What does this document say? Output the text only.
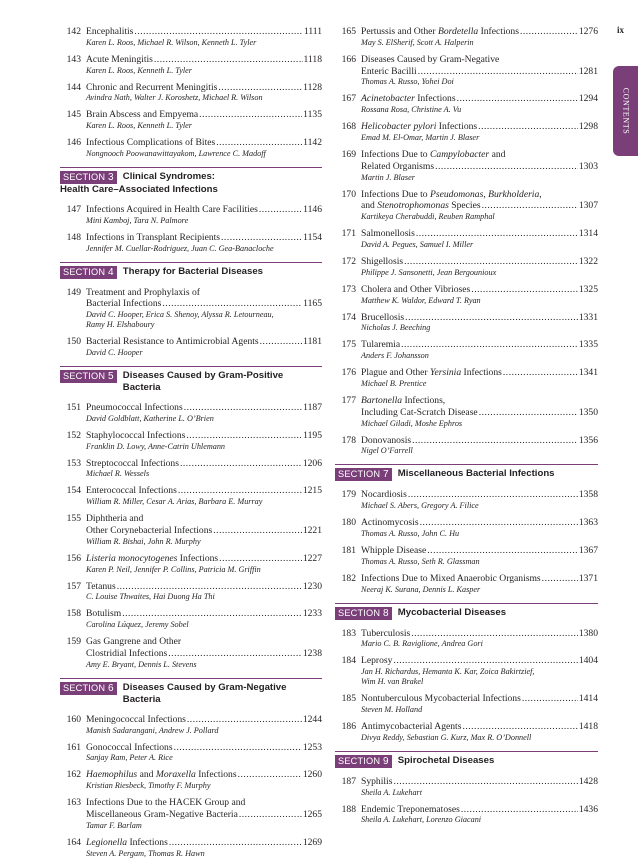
ix
CONTENTS
142 Encephalitis .....	1111
Karen L. Roos, Michael R. Wilson, Kenneth L. Tyler
143 Acute Meningitis .....	1118
Karen L. Roos, Kenneth L. Tyler
144 Chronic and Recurrent Meningitis .....	1128
Avindra Nath, Walter J. Koroshetz, Michael R. Wilson
145 Brain Abscess and Empyema .....	1135
Karen L. Roos, Kenneth L. Tyler
146 Infectious Complications of Bites .....	1142
Nongnooch Poowanawittayakom, Lawrence C. Madoff
SECTION 3 Clinical Syndromes:
Health Care–Associated Infections
147 Infections Acquired in Health Care Facilities .....	1146
Mini Kamboj, Tara N. Palmore
148 Infections in Transplant Recipients .....	1154
Jennifer M. Cuellar-Rodriguez, Juan C. Gea-Banacloche
SECTION 4 Therapy for Bacterial Diseases
149 Treatment and Prophylaxis of
Bacterial Infections .....	1165
David C. Hooper, Erica S. Shenoy, Alyssa R. Letourneau,
Ramy H. Elshaboury
150 Bacterial Resistance to Antimicrobial Agents .....	1181
David C. Hooper
SECTION 5 Diseases Caused by Gram-Positive Bacteria
151 Pneumococcal Infections .....	1187
David Goldblatt, Katherine L. O’Brien
152 Staphylococcal Infections .....	1195
Franklin D. Lowy, Anne-Catrin Uhlemann
153 Streptococcal Infections .....	1206
Michael R. Wessels
154 Enterococcal Infections .....	1215
William R. Miller, Cesar A. Arias, Barbara E. Murray
155 Diphtheria and
Other Corynebacterial Infections .....	1221
William R. Bishai, John R. Murphy
156 Listeria monocytogenes Infections .....	1227
Karen P. Neil, Jennifer P. Collins, Patricia M. Griffin
157 Tetanus .....	1230
C. Louise Thwaites, Hai Duong Ha Thi
158 Botulism .....	1233
Carolina Lúquez, Jeremy Sobel
159 Gas Gangrene and Other
Clostridial Infections .....	1238
Amy E. Bryant, Dennis L. Stevens
SECTION 6 Diseases Caused by Gram-Negative Bacteria
160 Meningococcal Infections .....	1244
Manish Sadarangani, Andrew J. Pollard
161 Gonococcal Infections .....	1253
Sanjay Ram, Peter A. Rice
162 Haemophilus and Moraxella Infections .....	1260
Kristian Riesbeck, Timothy F. Murphy
163 Infections Due to the HACEK Group and
Miscellaneous Gram-Negative Bacteria .....	1265
Tamar F. Barlam
164 Legionella Infections .....	1269
Steven A. Pergam, Thomas R. Hawn
165 Pertussis and Other Bordetella Infections .....	1276
May S. ElSherif, Scott A. Halperin
166 Diseases Caused by Gram-Negative
Enteric Bacilli .....	1281
Thomas A. Russo, Yohei Doi
167 Acinetobacter Infections .....	1294
Rossana Rosa, Christine A. Vu
168 Helicobacter pylori Infections .....	1298
Emad M. El-Omar, Martin J. Blaser
169 Infections Due to Campylobacter and
Related Organisms .....	1303
Martin J. Blaser
170 Infections Due to Pseudomonas, Burkholderia,
and Stenotrophomonas Species .....	1307
Kartikeya Cherabuddi, Reuben Ramphal
171 Salmonellosis .....	1314
David A. Pegues, Samuel I. Miller
172 Shigellosis .....	1322
Philippe J. Sansonetti, Jean Bergounioux
173 Cholera and Other Vibrioses .....	1325
Matthew K. Waldor, Edward T. Ryan
174 Brucellosis .....	1331
Nicholas J. Beeching
175 Tularemia .....	1335
Anders F. Johansson
176 Plague and Other Yersinia Infections .....	1341
Michael B. Prentice
177 Bartonella Infections,
Including Cat-Scratch Disease .....	1350
Michael Giladi, Moshe Ephros
178 Donovanosis .....	1356
Nigel O’Farrell
SECTION 7 Miscellaneous Bacterial Infections
179 Nocardiosis .....	1358
Michael S. Abers, Gregory A. Filice
180 Actinomycosis .....	1363
Thomas A. Russo, John C. Hu
181 Whipple Disease .....	1367
Thomas A. Russo, Seth R. Glassman
182 Infections Due to Mixed Anaerobic Organisms .....	1371
Neeraj K. Surana, Dennis L. Kasper
SECTION 8 Mycobacterial Diseases
183 Tuberculosis .....	1380
Mario C. B. Raviglione, Andrea Gori
184 Leprosy .....	1404
Jan H. Richardus, Hemanta K. Kar, Zoica Bakirtzief,
Wim H. van Brakel
185 Nontuberculous Mycobacterial Infections .....	1414
Steven M. Holland
186 Antimycobacterial Agents .....	1418
Divya Reddy, Sebastian G. Kurz, Max R. O’Donnell
SECTION 9 Spirochetal Diseases
187 Syphilis .....	1428
Sheila A. Lukehart
188 Endemic Treponematoses .....	1436
Sheila A. Lukehart, Lorenzo Giacani
